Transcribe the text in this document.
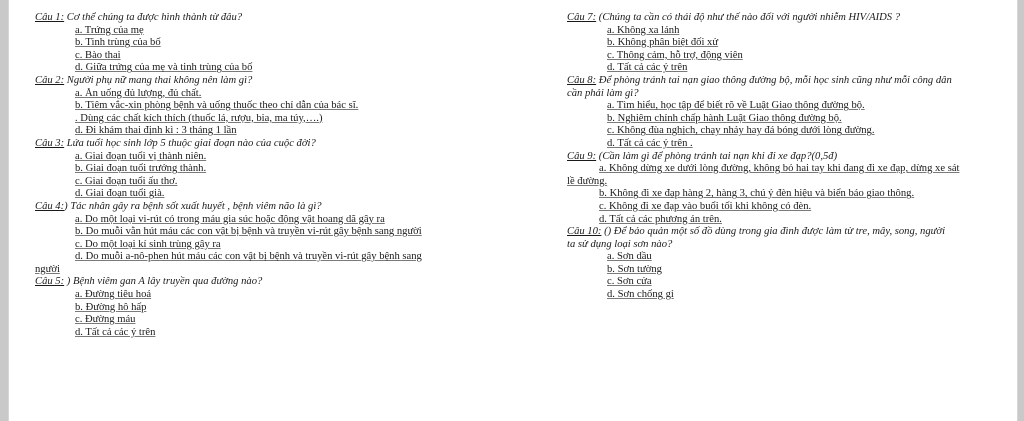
Câu 1: Cơ thể chúng ta được hình thành từ đâu?
a. Trứng của mẹ
b. Tinh trùng của bố
c. Bào thai
d. Giữa trứng của mẹ và tinh trùng của bố
Câu 2: Người phụ nữ mang thai không nên làm gì?
a. Ăn uống đủ lượng, đủ chất.
b. Tiêm vắc-xin phòng bệnh và uống thuốc theo chỉ dẫn của bác sĩ.
. Dùng các chất kích thích (thuốc lá, rượu, bia, ma túy,….)
d. Đi khám thai định kì : 3 tháng 1 lần
Câu 3: Lứa tuổi học sinh lớp 5 thuộc giai đoạn nào của cuộc đời?
a. Giai đoạn tuổi vị thành niên.
b. Giai đoạn tuổi trưởng thành.
c. Giai đoạn tuổi ấu thơ.
d. Giai đoạn tuổi già.
Câu 4:) Tác nhân gây ra bệnh sốt xuất huyết , bệnh viêm não là gì?
a. Do một loại vi-rút có trong máu gia súc hoặc động vật hoang dã gây ra
b. Do muỗi vằn hút máu các con vật bị bệnh và truyền vi-rút gây bệnh sang người
c. Do một loại kí sinh trùng gây ra
d. Do muỗi a-nô-phen hút máu các con vật bị bệnh và truyền vi-rút gây bệnh sang
người
Câu 5: ) Bệnh viêm gan A lây truyền qua đường nào?
a. Đường tiêu hoá
b. Đường hô hấp
c. Đường máu
d. Tất cả các ý trên
Câu 7: (Chúng ta cần có thái độ như thế nào đối với người nhiễm HIV/AIDS ?
a. Không xa lánh
b. Không phân biệt đối xử
c. Thông cảm, hỗ trợ, động viên
d. Tất cả các ý trên
Câu 8: Để phòng tránh tai nạn giao thông đường bộ, mỗi học sinh cũng như mỗi công dân
cần phải làm gì?
a. Tìm hiểu, học tập để biết rõ về Luật Giao thông đường bộ.
b. Nghiêm chỉnh chấp hành Luật Giao thông đường bộ.
c. Không đùa nghịch, chạy nhảy hay đá bóng dưới lòng đường.
d. Tất cả các ý trên .
Câu 9: (Cần làm gì để phòng tránh tai nạn khi đi xe đạp?(0,5đ)
a. Không dừng xe dưới lòng đường, không bỏ hai tay khi đang đi xe đạp, dừng xe sát
lề đường.
b. Không đi xe đạp hàng 2, hàng 3, chú ý đèn hiệu và biển báo giao thông.
c. Không đi xe đạp vào buổi tối khi không có đèn.
d. Tất cả các phương án trên.
Câu 10: () Để bảo quản một số đồ dùng trong gia đình được làm từ tre, mây, song, người
ta sử dụng loại sơn nào?
a. Sơn dầu
b. Sơn tường
c. Sơn cửa
d. Sơn chống gỉ
